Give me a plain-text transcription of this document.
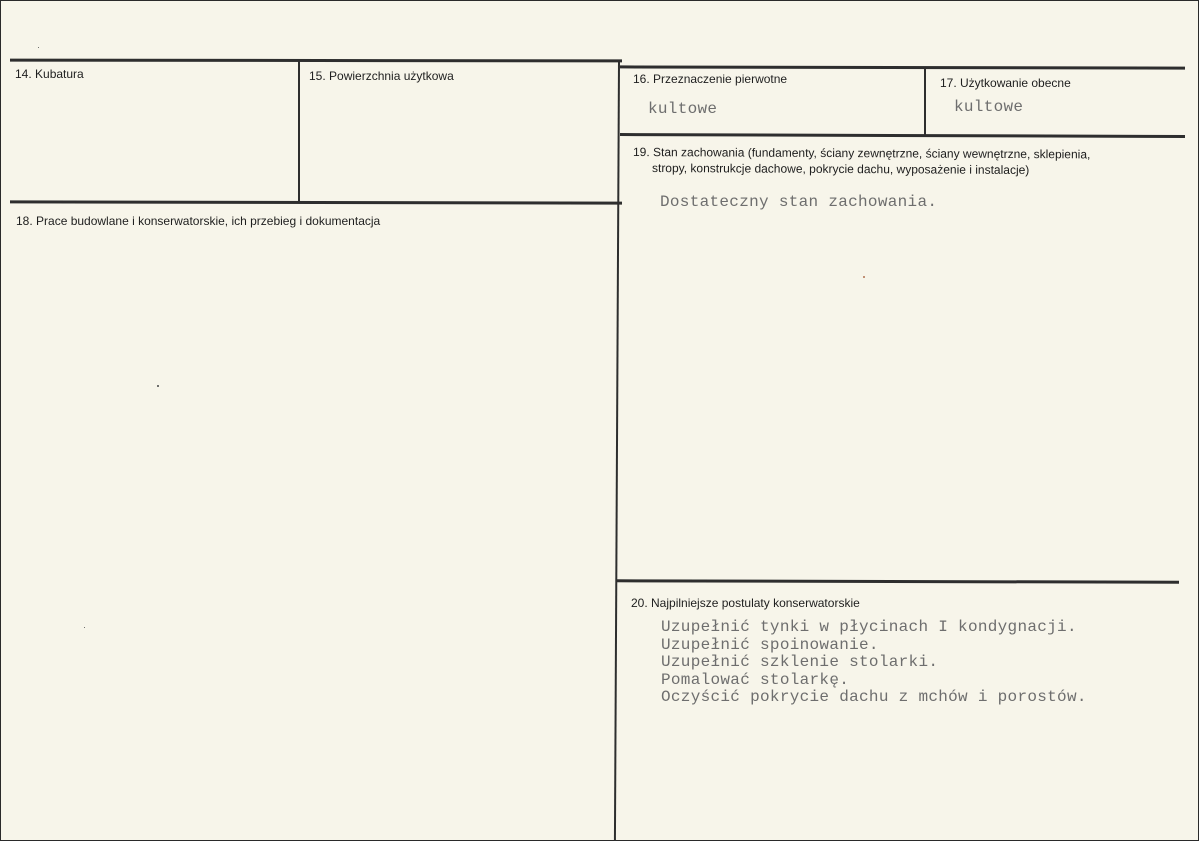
14. Kubatura	15. Powierzchnia użytkowa	16. Przeznaczenie pierwotne
kultowe
17. Użytkowanie obecne
kultowe
18. Prace budowlane i konserwatorskie, ich przebieg i dokumentacja
19. Stan zachowania (fundamenty, ściany zewnętrzne, ściany wewnętrzne, sklepienia,
stropy, konstrukcje dachowe, pokrycie dachu, wyposażenie i instalacje)
Dostateczny stan zachowania.
20. Najpilniejsze postulaty konserwatorskie
Uzupełnić tynki w płycinach I kondygnacji.
Uzupełnić spoinowanie.
Uzupełnić szklenie stolarki.
Pomalować stolarkę.
Oczyścić pokrycie dachu z mchów i porostów.
